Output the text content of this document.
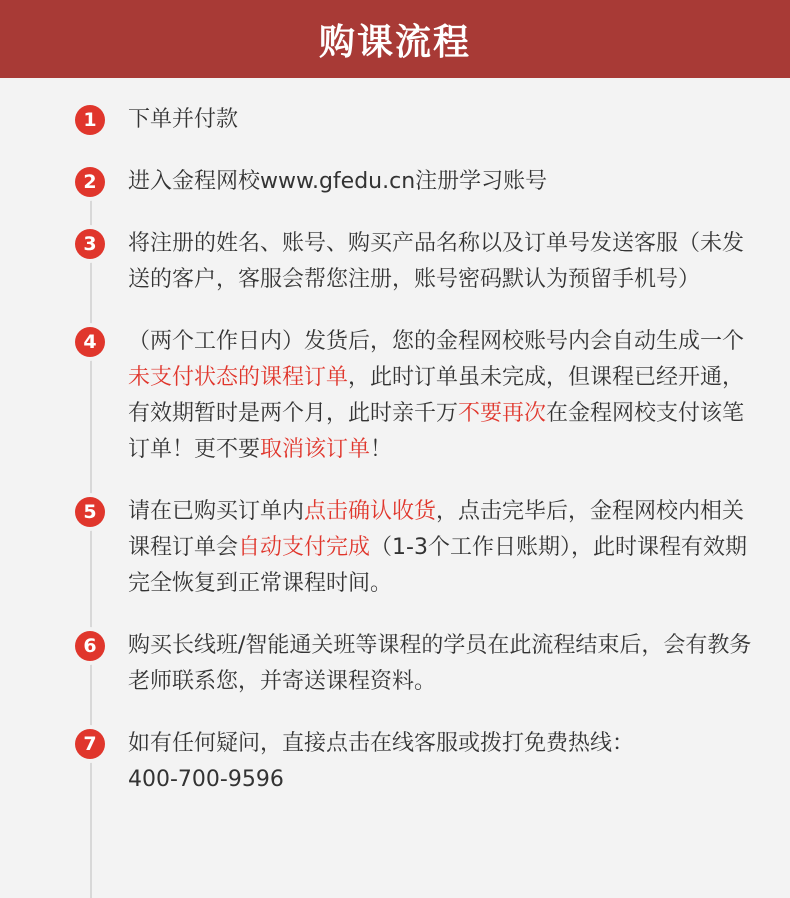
购课流程
1	下单并付款

2	进入金程网校www.gfedu.cn注册学习账号

3	将注册的姓名、账号、购买产品名称以及订单号发送客服（未发送的客户，客服会帮您注册，账号密码默认为预留手机号）

4	（两个工作日内）发货后，您的金程网校账号内会自动生成一个未支付状态的课程订单，此时订单虽未完成，但课程已经开通，有效期暂时是两个月，此时亲千万不要再次在金程网校支付该笔订单！更不要取消该订单！

5	请在已购买订单内点击确认收货，点击完毕后，金程网校内相关课程订单会自动支付完成（1-3个工作日账期），此时课程有效期完全恢复到正常课程时间。

6	购买长线班/智能通关班等课程的学员在此流程结束后，会有教务老师联系您，并寄送课程资料。

7	如有任何疑问，直接点击在线客服或拨打免费热线：
400-700-9596
